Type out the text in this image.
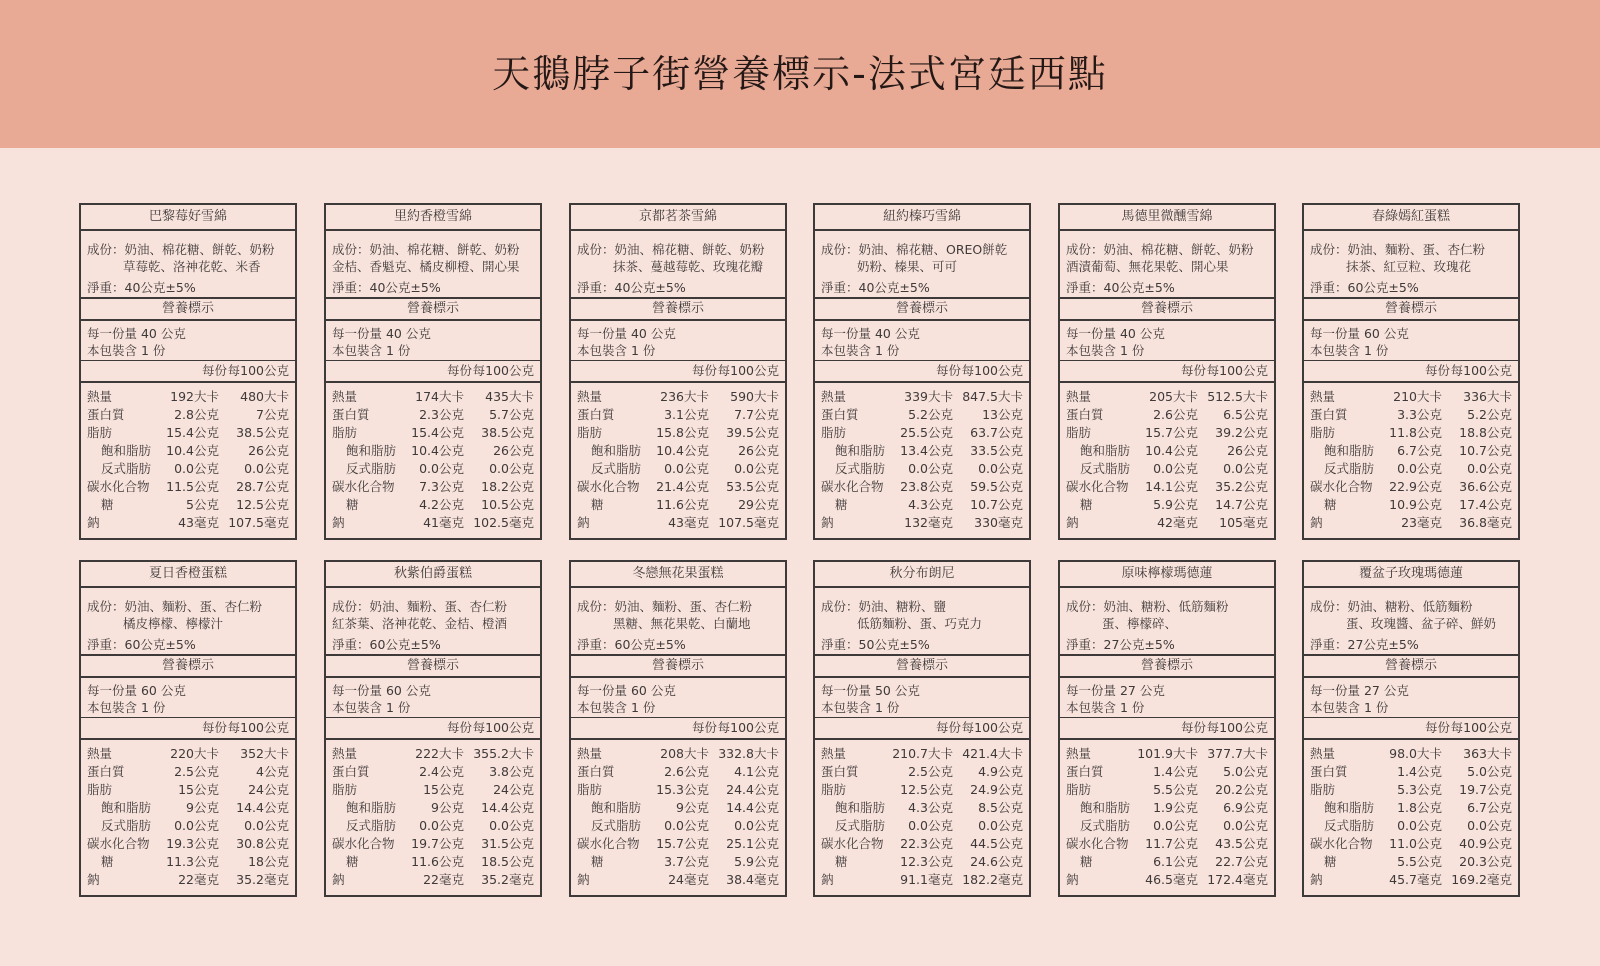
天鵝脖子街營養標示-法式宮廷西點
巴黎莓好雪綿
成份：奶油、棉花糖、餅乾、奶粉
草莓乾、洛神花乾、米香
淨重：40公克±5%
營養標示
每一份量 40 公克
本包裝含 1 份
每份 每100公克
熱量	192大卡 480大卡
蛋白質	2.8公克	7公克
脂肪	15.4公克 38.5公克
飽和脂肪 10.4公克 26公克
反式脂肪 0.0公克 0.0公克
碳水化合物 11.5公克 28.7公克
糖	5公克 12.5公克
鈉	43毫克 107.5毫克
里約香橙雪綿
成份：奶油、棉花糖、餅乾、奶粉
金桔、香魁克、橘皮柳橙、開心果
淨重：40公克±5%
營養標示
每一份量 40 公克
本包裝含 1 份
每份 每100公克
熱量	174大卡 435大卡
蛋白質	2.3公克 5.7公克
脂肪	15.4公克 38.5公克
飽和脂肪 10.4公克 26公克
反式脂肪 0.0公克 0.0公克
碳水化合物 7.3公克 18.2公克
糖	4.2公克 10.5公克
鈉	41毫克 102.5毫克
京都茗茶雪綿
成份：奶油、棉花糖、餅乾、奶粉
抹茶、蔓越莓乾、玫瑰花瓣
淨重：40公克±5%
營養標示
每一份量 40 公克
本包裝含 1 份
每份 每100公克
熱量	236大卡 590大卡
蛋白質	3.1公克 7.7公克
脂肪	15.8公克 39.5公克
飽和脂肪 10.4公克 26公克
反式脂肪 0.0公克 0.0公克
碳水化合物 21.4公克 53.5公克
糖	11.6公克 29公克
鈉	43毫克 107.5毫克
紐約榛巧雪綿
成份：奶油、棉花糖、OREO餅乾
奶粉、榛果、可可
淨重：40公克±5%
營養標示
每一份量 40 公克
本包裝含 1 份
每份 每100公克
熱量	339大卡 847.5大卡
蛋白質	5.2公克 13公克
脂肪	25.5公克 63.7公克
飽和脂肪 13.4公克 33.5公克
反式脂肪 0.0公克 0.0公克
碳水化合物 23.8公克 59.5公克
糖	4.3公克 10.7公克
鈉	132毫克 330毫克
馬德里微醺雪綿
成份：奶油、棉花糖、餅乾、奶粉
酒漬葡萄、無花果乾、開心果
淨重：40公克±5%
營養標示
每一份量 40 公克
本包裝含 1 份
每份 每100公克
熱量	205大卡 512.5大卡
蛋白質	2.6公克 6.5公克
脂肪	15.7公克 39.2公克
飽和脂肪 10.4公克 26公克
反式脂肪 0.0公克 0.0公克
碳水化合物 14.1公克 35.2公克
糖	5.9公克 14.7公克
鈉	42毫克 105毫克
春綠嫣紅蛋糕
成份：奶油、麵粉、蛋、杏仁粉
抹茶、紅豆粒、玫瑰花
淨重：60公克±5%
營養標示
每一份量 60 公克
本包裝含 1 份
每份 每100公克
熱量	210大卡 336大卡
蛋白質	3.3公克 5.2公克
脂肪	11.8公克 18.8公克
飽和脂肪 6.7公克 10.7公克
反式脂肪 0.0公克 0.0公克
碳水化合物 22.9公克 36.6公克
糖	10.9公克 17.4公克
鈉	23毫克 36.8毫克
夏日香橙蛋糕
成份：奶油、麵粉、蛋、杏仁粉
橘皮檸檬、檸檬汁
淨重：60公克±5%
營養標示
每一份量 60 公克
本包裝含 1 份
每份 每100公克
熱量	220大卡 352大卡
蛋白質	2.5公克	4公克
脂肪	15公克 24公克
飽和脂肪	9公克 14.4公克
反式脂肪 0.0公克 0.0公克
碳水化合物 19.3公克 30.8公克
糖	11.3公克 18公克
鈉	22毫克 35.2毫克
秋紫伯爵蛋糕
成份：奶油、麵粉、蛋、杏仁粉
紅茶葉、洛神花乾、金桔、橙酒
淨重：60公克±5%
營養標示
每一份量 60 公克
本包裝含 1 份
每份 每100公克
熱量	222大卡 355.2大卡
蛋白質	2.4公克 3.8公克
脂肪	15公克 24公克
飽和脂肪	9公克 14.4公克
反式脂肪 0.0公克 0.0公克
碳水化合物 19.7公克 31.5公克
糖	11.6公克 18.5公克
鈉	22毫克 35.2毫克
冬戀無花果蛋糕
成份：奶油、麵粉、蛋、杏仁粉
黑糖、無花果乾、白蘭地
淨重：60公克±5%
營養標示
每一份量 60 公克
本包裝含 1 份
每份 每100公克
熱量	208大卡 332.8大卡
蛋白質	2.6公克 4.1公克
脂肪	15.3公克 24.4公克
飽和脂肪	9公克 14.4公克
反式脂肪 0.0公克 0.0公克
碳水化合物 15.7公克 25.1公克
糖	3.7公克 5.9公克
鈉	24毫克 38.4毫克
秋分布朗尼
成份：奶油、糖粉、鹽
低筋麵粉、蛋、巧克力
淨重：50公克±5%
營養標示
每一份量 50 公克
本包裝含 1 份
每份 每100公克
熱量	210.7大卡 421.4大卡
蛋白質	2.5公克 4.9公克
脂肪	12.5公克 24.9公克
飽和脂肪 4.3公克 8.5公克
反式脂肪 0.0公克 0.0公克
碳水化合物 22.3公克 44.5公克
糖	12.3公克 24.6公克
鈉	91.1毫克 182.2毫克
原味檸檬瑪德蓮
成份：奶油、糖粉、低筋麵粉
蛋、檸檬碎、
淨重：27公克±5%
營養標示
每一份量 27 公克
本包裝含 1 份
每份 每100公克
熱量	101.9大卡 377.7大卡
蛋白質	1.4公克 5.0公克
脂肪	5.5公克 20.2公克
飽和脂肪 1.9公克 6.9公克
反式脂肪 0.0公克 0.0公克
碳水化合物 11.7公克 43.5公克
糖	6.1公克 22.7公克
鈉	46.5毫克 172.4毫克
覆盆子玫瑰瑪德蓮
成份：奶油、糖粉、低筋麵粉
蛋、玫瑰醬、盆子碎、鮮奶
淨重：27公克±5%
營養標示
每一份量 27 公克
本包裝含 1 份
每份 每100公克
熱量	98.0大卡 363大卡
蛋白質	1.4公克 5.0公克
脂肪	5.3公克 19.7公克
飽和脂肪 1.8公克 6.7公克
反式脂肪 0.0公克 0.0公克
碳水化合物 11.0公克 40.9公克
糖	5.5公克 20.3公克
鈉	45.7毫克 169.2毫克
